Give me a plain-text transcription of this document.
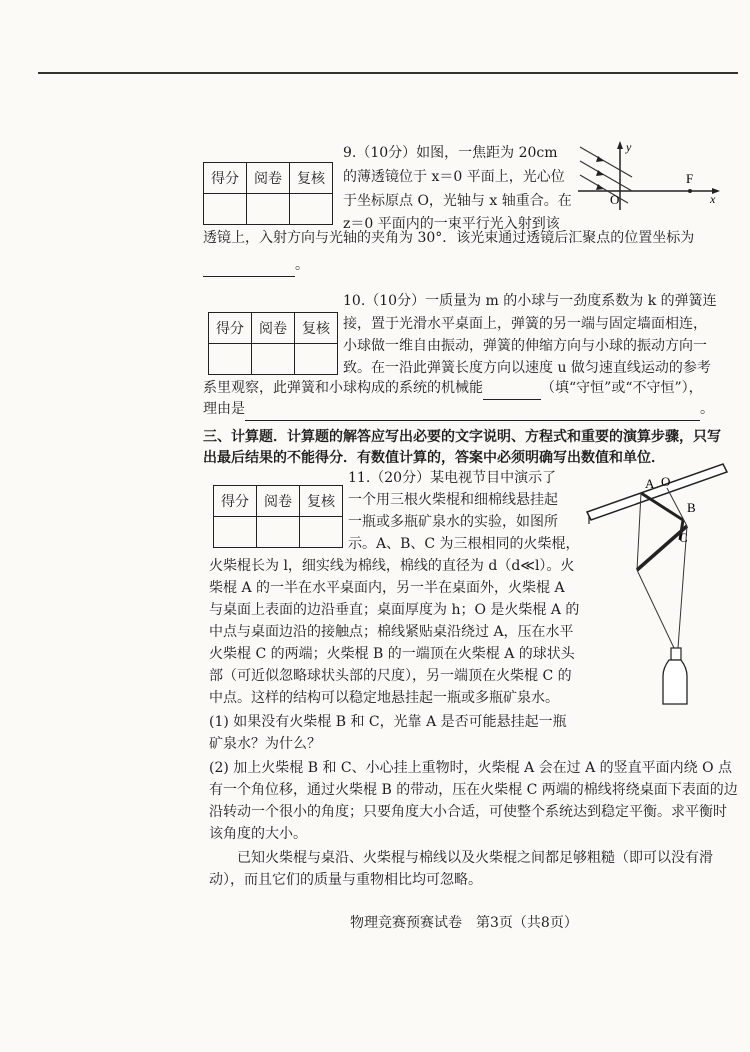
得分	阅卷	复核

9.（10分）如图，一焦距为 20cm
的薄透镜位于 x＝0 平面上，光心位
于坐标原点 O，光轴与 x 轴重合。在
z＝0 平面内的一束平行光入射到该
透镜上，入射方向与光轴的夹角为 30°．该光束通过透镜后汇聚点的位置坐标为
。
y
F
O	x
得分	阅卷	复核

10.（10分）一质量为 m 的小球与一劲度系数为 k 的弹簧连
接，置于光滑水平桌面上，弹簧的另一端与固定墙面相连，
小球做一维自由振动，弹簧的伸缩方向与小球的振动方向一
致。在一沿此弹簧长度方向以速度 u 做匀速直线运动的参考
系里观察，此弹簧和小球构成的系统的机械能	（填“守恒”或“不守恒”），
理由是	。
三、计算题．计算题的解答应写出必要的文字说明、方程式和重要的演算步骤，只写
出最后结果的不能得分．有数值计算的，答案中必须明确写出数值和单位．
得分	阅卷	复核

11.（20分）某电视节目中演示了
一个用三根火柴棍和细棉线悬挂起
一瓶或多瓶矿泉水的实验，如图所
示。A、B、C 为三根相同的火柴棍，
火柴棍长为 l，细实线为棉线，棉线的直径为 d（d≪l）。火
柴棍 A 的一半在水平桌面内，另一半在桌面外，火柴棍 A
与桌面上表面的边沿垂直；桌面厚度为 h；O 是火柴棍 A 的
中点与桌面边沿的接触点；棉线紧贴桌沿绕过 A，压在水平
火柴棍 C 的两端；火柴棍 B 的一端顶在火柴棍 A 的球状头
部（可近似忽略球状头部的尺度），另一端顶在火柴棍 C 的
中点。这样的结构可以稳定地悬挂起一瓶或多瓶矿泉水。
(1) 如果没有火柴棍 B 和 C，光靠 A 是否可能悬挂起一瓶
矿泉水？为什么？
(2) 加上火柴棍 B 和 C、小心挂上重物时，火柴棍 A 会在过 A 的竖直平面内绕 O 点
有一个角位移，通过火柴棍 B 的带动，压在火柴棍 C 两端的棉线将绕桌面下表面的边
沿转动一个很小的角度；只要角度大小合适，可使整个系统达到稳定平衡。求平衡时
该角度的大小。
已知火柴棍与桌沿、火柴棍与棉线以及火柴棍之间都足够粗糙（即可以没有滑
动），而且它们的质量与重物相比均可忽略。
A O
B
C
物理竞赛预赛试卷　第3页（共8页）
